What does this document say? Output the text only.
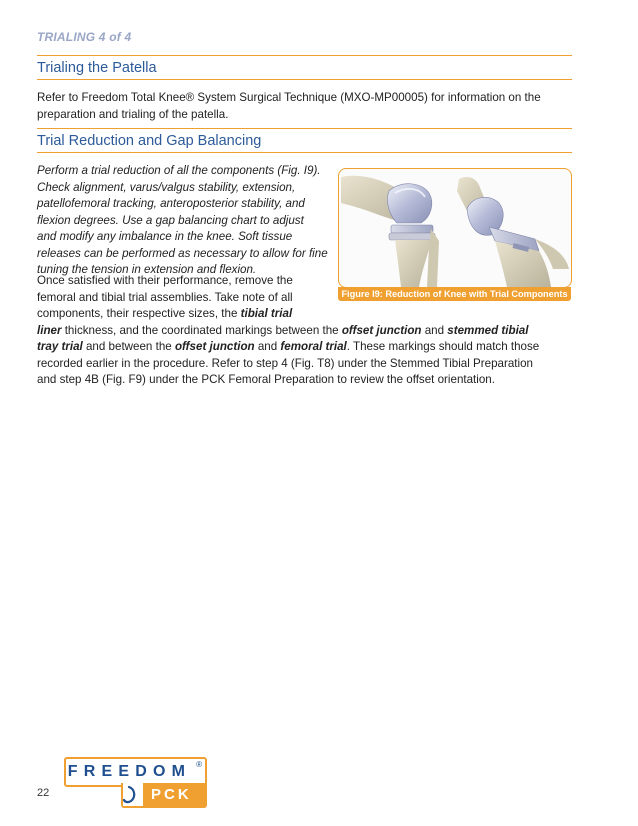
TRIALING 4 of 4
Trialing the Patella
Refer to Freedom Total Knee® System Surgical Technique (MXO-MP00005) for information on the preparation and trialing of the patella.
Trial Reduction and Gap Balancing
Perform a trial reduction of all the components (Fig. I9).
Check alignment, varus/valgus stability, extension,
patellofemoral tracking, anteroposterior stability, and
flexion degrees. Use a gap balancing chart to adjust
and modify any imbalance in the knee. Soft tissue
releases can be performed as necessary to allow for fine
tuning the tension in extension and flexion.
Once satisfied with their performance, remove the
femoral and tibial trial assemblies. Take note of all
components, their respective sizes, the tibial trial
liner thickness, and the coordinated markings between the offset junction and stemmed tibial
tray trial and between the offset junction and femoral trial. These markings should match those
recorded earlier in the procedure. Refer to step 4 (Fig. T8) under the Stemmed Tibial Preparation
and step 4B (Fig. F9) under the PCK Femoral Preparation to review the offset orientation.
Figure I9: Reduction of Knee with Trial Components
22
FREEDOM ®
PCK
